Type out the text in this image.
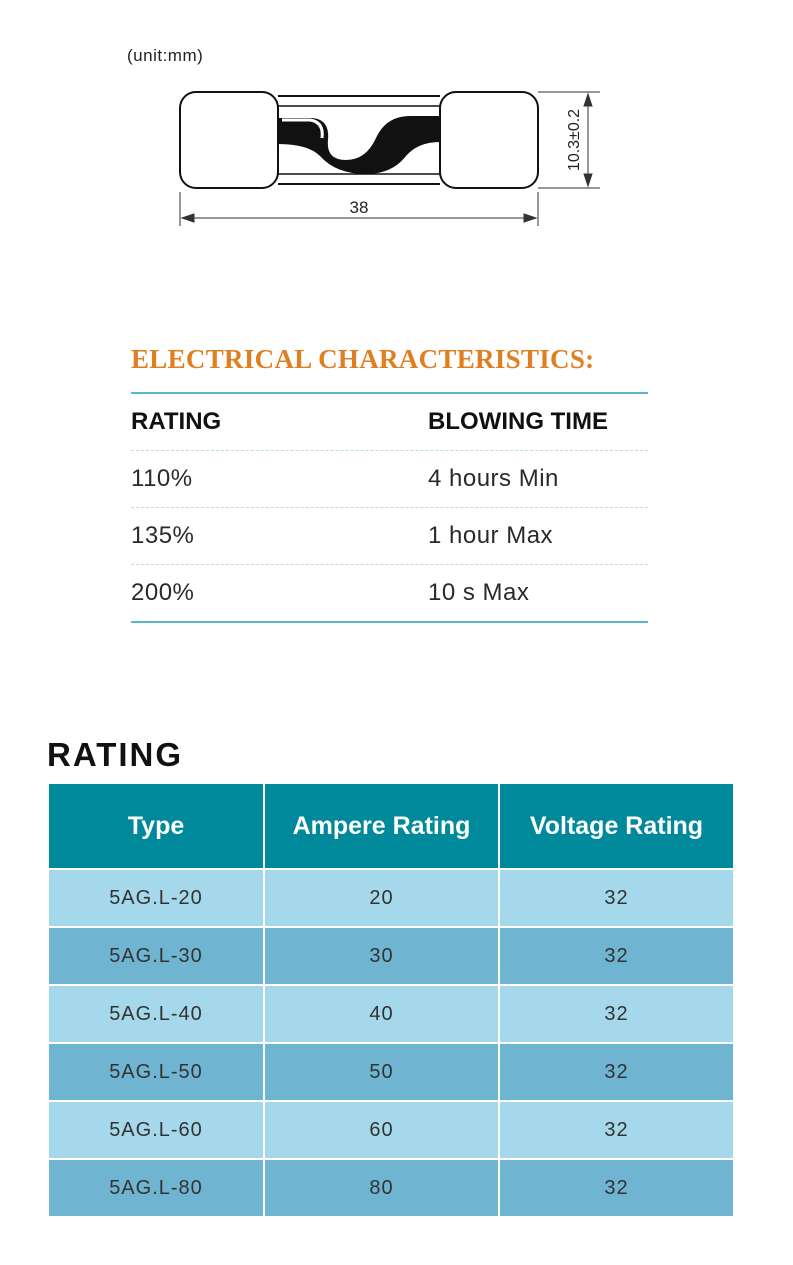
(unit:mm)
38
10.3±0.2
ELECTRICAL CHARACTERISTICS:
RATING	BLOWING TIME
110%	4 hours Min
135%	1 hour Max
200%	10 s Max
RATING
Type	Ampere Rating	Voltage Rating
5AG.L-20	20	32
5AG.L-30	30	32
5AG.L-40	40	32
5AG.L-50	50	32
5AG.L-60	60	32
5AG.L-80	80	32
